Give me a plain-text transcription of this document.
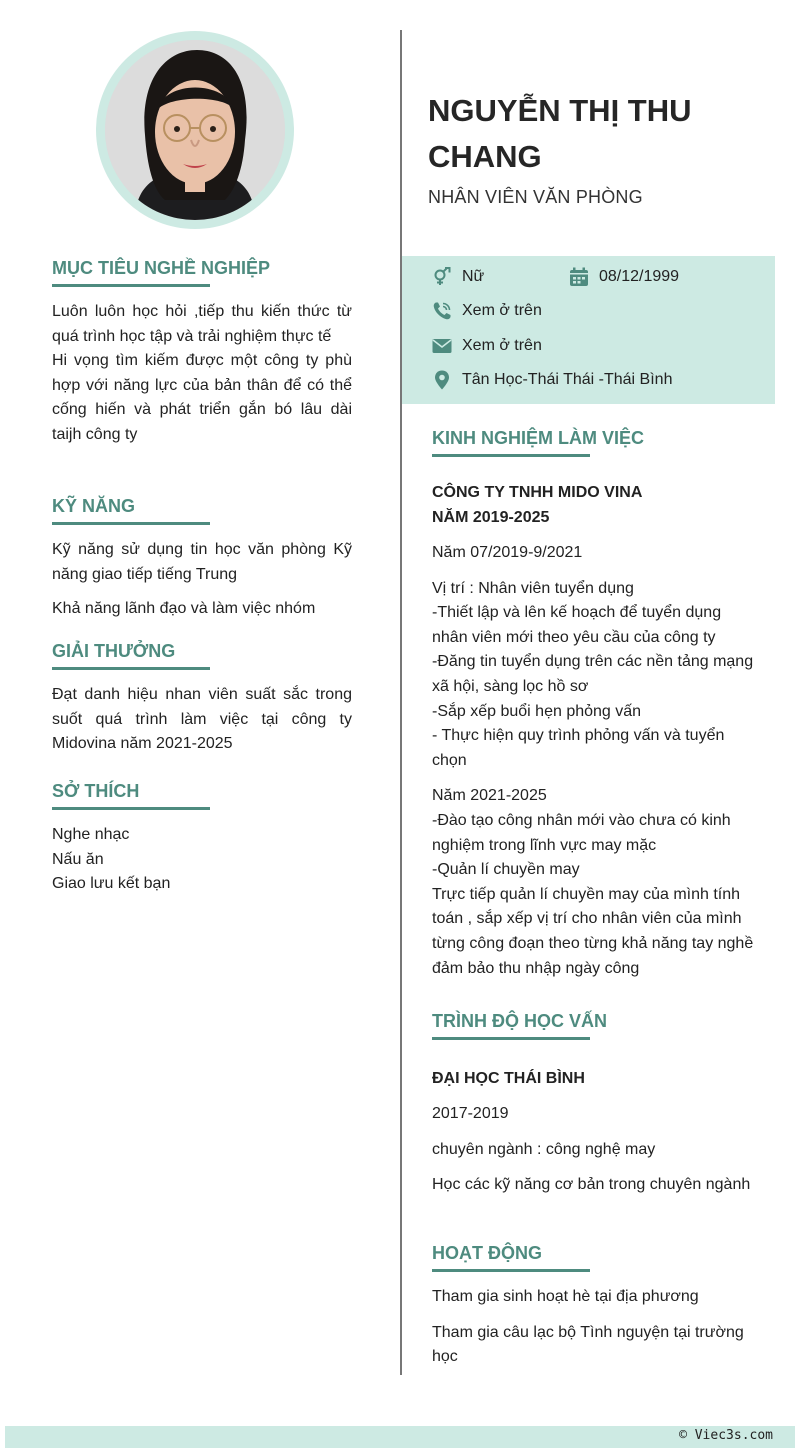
MỤC TIÊU NGHỀ NGHIỆP

Luôn luôn học hỏi ,tiếp thu kiến thức từ quá trình học tập và trải nghiệm thực tế

Hi vọng tìm kiếm được một công ty phù hợp với năng lực của bản thân để có thể cống hiến và phát triển gắn bó lâu dài taijh công ty

KỸ NĂNG

Kỹ năng sử dụng tin học văn phòng Kỹ năng giao tiếp tiếng Trung

Khả năng lãnh đạo và làm việc nhóm

GIẢI THƯỞNG

Đạt danh hiệu nhan viên suất sắc trong suốt quá trình làm việc tại công ty Midovina năm 2021-2025

SỞ THÍCH

Nghe nhạc

Nấu ăn

Giao lưu kết bạn

NGUYỄN THỊ THU CHANG
NHÂN VIÊN VĂN PHÒNG
Nữ	08/12/1999
Xem ở trên
Xem ở trên
Tân Học-Thái Thái -Thái Bình
KINH NGHIỆM LÀM VIỆC

CÔNG TY TNHH MIDO VINA

NĂM 2019-2025

Năm 07/2019-9/2021

Vị trí : Nhân viên tuyển dụng
-Thiết lập và lên kế hoạch để tuyển dụng nhân viên mới theo yêu cầu của công ty
-Đăng tin tuyển dụng trên các nền tảng mạng xã hội, sàng lọc hồ sơ
-Sắp xếp buổi hẹn phỏng vấn
- Thực hiện quy trình phỏng vấn và tuyển chọn

Năm 2021-2025

-Đào tạo công nhân mới vào chưa có kinh nghiệm trong lĩnh vực may mặc
-Quản lí chuyền may
Trực tiếp quản lí chuyền may của mình tính toán , sắp xếp vị trí cho nhân viên của mình từng công đoạn theo từng khả năng tay nghề đảm bảo thu nhập ngày công

TRÌNH ĐỘ HỌC VẤN

ĐẠI HỌC THÁI BÌNH

2017-2019

chuyên ngành : công nghệ may

Học các kỹ năng cơ bản trong chuyên ngành

HOẠT ĐỘNG

Tham gia sinh hoạt hè tại địa phương

Tham gia câu lạc bộ Tình nguyện tại trường học

© Viec3s.com
